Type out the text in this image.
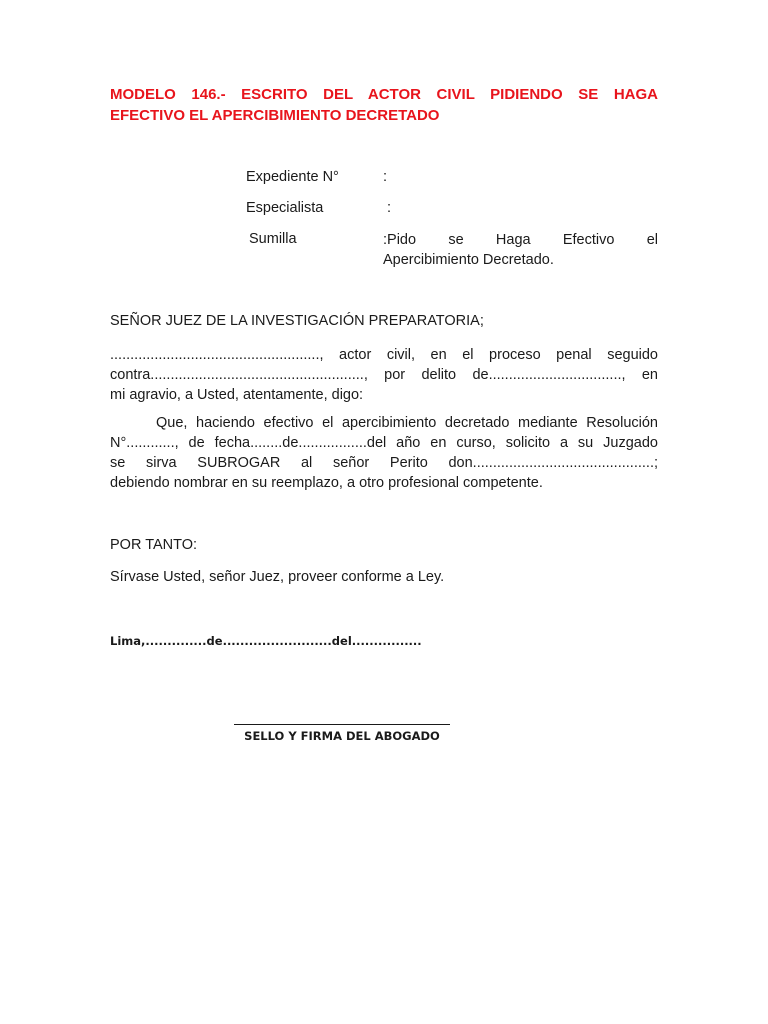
MODELO 146.- ESCRITO DEL ACTOR CIVIL PIDIENDO SE HAGA
EFECTIVO EL APERCIBIMIENTO DECRETADO
Expediente N°	:
Especialista	:
Sumilla	:Pido se Haga Efectivo el
Apercibimiento Decretado.
SEÑOR JUEZ DE LA INVESTIGACIÓN PREPARATORIA;
...................................................., actor civil, en el proceso penal seguido
contra....................................................., por delito de................................., en
mi agravio, a Usted, atentamente, digo:
Que, haciendo efectivo el apercibimiento decretado mediante Resolución
N°............, de fecha........de.................del año en curso, solicito a su Juzgado
se sirva SUBROGAR al señor Perito don.............................................;
debiendo nombrar en su reemplazo, a otro profesional competente.
POR TANTO:
Sírvase Usted, señor Juez, proveer conforme a Ley.
Lima,..............de.........................del................
SELLO Y FIRMA DEL ABOGADO
